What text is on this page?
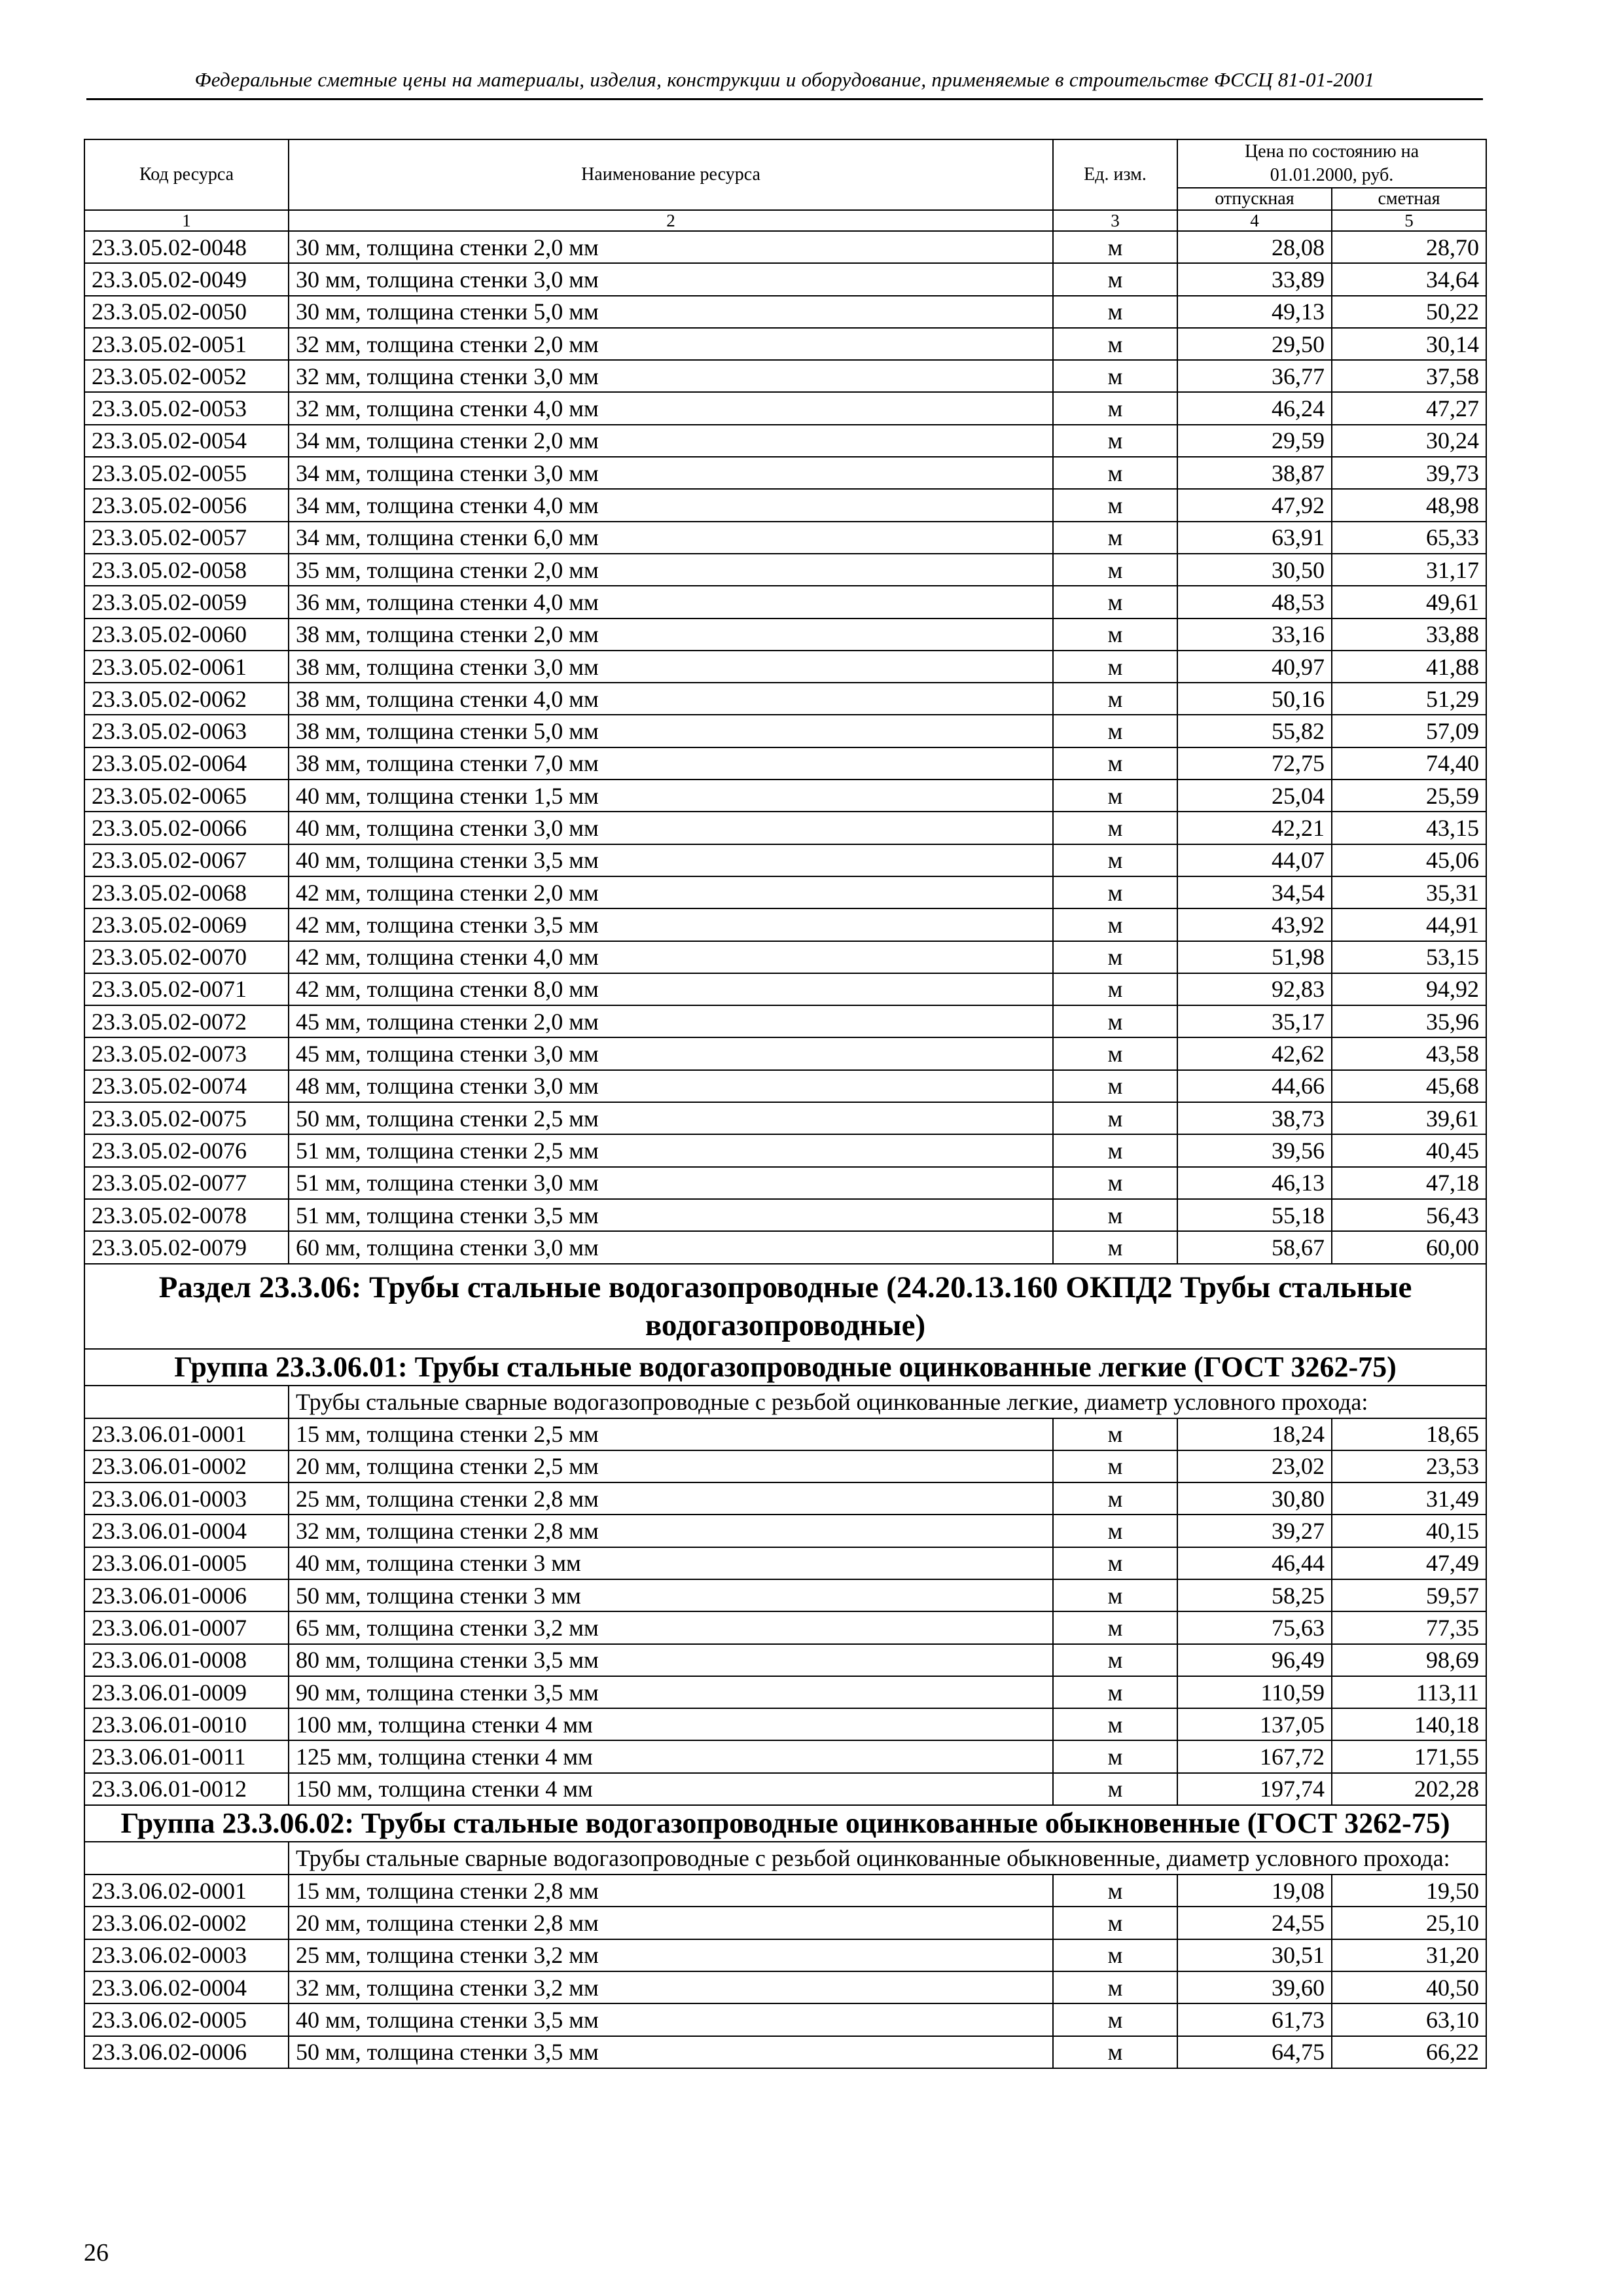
Федеральные сметные цены на материалы, изделия, конструкции и оборудование, применяемые в строительстве ФССЦ 81-01-2001
Код ресурса	Наименование ресурса	Ед. изм.	Цена по состоянию на 01.01.2000, руб.	
			отпускная	сметная
1	2	3	4	5
23.3.05.02-0048	30 мм, толщина стенки 2,0 мм	м	28,08	28,70
23.3.05.02-0049	30 мм, толщина стенки 3,0 мм	м	33,89	34,64
23.3.05.02-0050	30 мм, толщина стенки 5,0 мм	м	49,13	50,22
23.3.05.02-0051	32 мм, толщина стенки 2,0 мм	м	29,50	30,14
23.3.05.02-0052	32 мм, толщина стенки 3,0 мм	м	36,77	37,58
23.3.05.02-0053	32 мм, толщина стенки 4,0 мм	м	46,24	47,27
23.3.05.02-0054	34 мм, толщина стенки 2,0 мм	м	29,59	30,24
23.3.05.02-0055	34 мм, толщина стенки 3,0 мм	м	38,87	39,73
23.3.05.02-0056	34 мм, толщина стенки 4,0 мм	м	47,92	48,98
23.3.05.02-0057	34 мм, толщина стенки 6,0 мм	м	63,91	65,33
23.3.05.02-0058	35 мм, толщина стенки 2,0 мм	м	30,50	31,17
23.3.05.02-0059	36 мм, толщина стенки 4,0 мм	м	48,53	49,61
23.3.05.02-0060	38 мм, толщина стенки 2,0 мм	м	33,16	33,88
23.3.05.02-0061	38 мм, толщина стенки 3,0 мм	м	40,97	41,88
23.3.05.02-0062	38 мм, толщина стенки 4,0 мм	м	50,16	51,29
23.3.05.02-0063	38 мм, толщина стенки 5,0 мм	м	55,82	57,09
23.3.05.02-0064	38 мм, толщина стенки 7,0 мм	м	72,75	74,40
23.3.05.02-0065	40 мм, толщина стенки 1,5 мм	м	25,04	25,59
23.3.05.02-0066	40 мм, толщина стенки 3,0 мм	м	42,21	43,15
23.3.05.02-0067	40 мм, толщина стенки 3,5 мм	м	44,07	45,06
23.3.05.02-0068	42 мм, толщина стенки 2,0 мм	м	34,54	35,31
23.3.05.02-0069	42 мм, толщина стенки 3,5 мм	м	43,92	44,91
23.3.05.02-0070	42 мм, толщина стенки 4,0 мм	м	51,98	53,15
23.3.05.02-0071	42 мм, толщина стенки 8,0 мм	м	92,83	94,92
23.3.05.02-0072	45 мм, толщина стенки 2,0 мм	м	35,17	35,96
23.3.05.02-0073	45 мм, толщина стенки 3,0 мм	м	42,62	43,58
23.3.05.02-0074	48 мм, толщина стенки 3,0 мм	м	44,66	45,68
23.3.05.02-0075	50 мм, толщина стенки 2,5 мм	м	38,73	39,61
23.3.05.02-0076	51 мм, толщина стенки 2,5 мм	м	39,56	40,45
23.3.05.02-0077	51 мм, толщина стенки 3,0 мм	м	46,13	47,18
23.3.05.02-0078	51 мм, толщина стенки 3,5 мм	м	55,18	56,43
23.3.05.02-0079	60 мм, толщина стенки 3,0 мм	м	58,67	60,00
Раздел 23.3.06: Трубы стальные водогазопроводные (24.20.13.160 ОКПД2 Трубы стальные водогазопроводные)				
Группа 23.3.06.01: Трубы стальные водогазопроводные оцинкованные легкие (ГОСТ 3262-75)				
	Трубы стальные сварные водогазопроводные с резьбой оцинкованные легкие, диаметр условного прохода:			
23.3.06.01-0001	15 мм, толщина стенки 2,5 мм	м	18,24	18,65
23.3.06.01-0002	20 мм, толщина стенки 2,5 мм	м	23,02	23,53
23.3.06.01-0003	25 мм, толщина стенки 2,8 мм	м	30,80	31,49
23.3.06.01-0004	32 мм, толщина стенки 2,8 мм	м	39,27	40,15
23.3.06.01-0005	40 мм, толщина стенки 3 мм	м	46,44	47,49
23.3.06.01-0006	50 мм, толщина стенки 3 мм	м	58,25	59,57
23.3.06.01-0007	65 мм, толщина стенки 3,2 мм	м	75,63	77,35
23.3.06.01-0008	80 мм, толщина стенки 3,5 мм	м	96,49	98,69
23.3.06.01-0009	90 мм, толщина стенки 3,5 мм	м	110,59	113,11
23.3.06.01-0010	100 мм, толщина стенки 4 мм	м	137,05	140,18
23.3.06.01-0011	125 мм, толщина стенки 4 мм	м	167,72	171,55
23.3.06.01-0012	150 мм, толщина стенки 4 мм	м	197,74	202,28
Группа 23.3.06.02: Трубы стальные водогазопроводные оцинкованные обыкновенные (ГОСТ 3262-75)				
	Трубы стальные сварные водогазопроводные с резьбой оцинкованные обыкновенные, диаметр условного прохода:			
23.3.06.02-0001	15 мм, толщина стенки 2,8 мм	м	19,08	19,50
23.3.06.02-0002	20 мм, толщина стенки 2,8 мм	м	24,55	25,10
23.3.06.02-0003	25 мм, толщина стенки 3,2 мм	м	30,51	31,20
23.3.06.02-0004	32 мм, толщина стенки 3,2 мм	м	39,60	40,50
23.3.06.02-0005	40 мм, толщина стенки 3,5 мм	м	61,73	63,10
23.3.06.02-0006	50 мм, толщина стенки 3,5 мм	м	64,75	66,22
26
